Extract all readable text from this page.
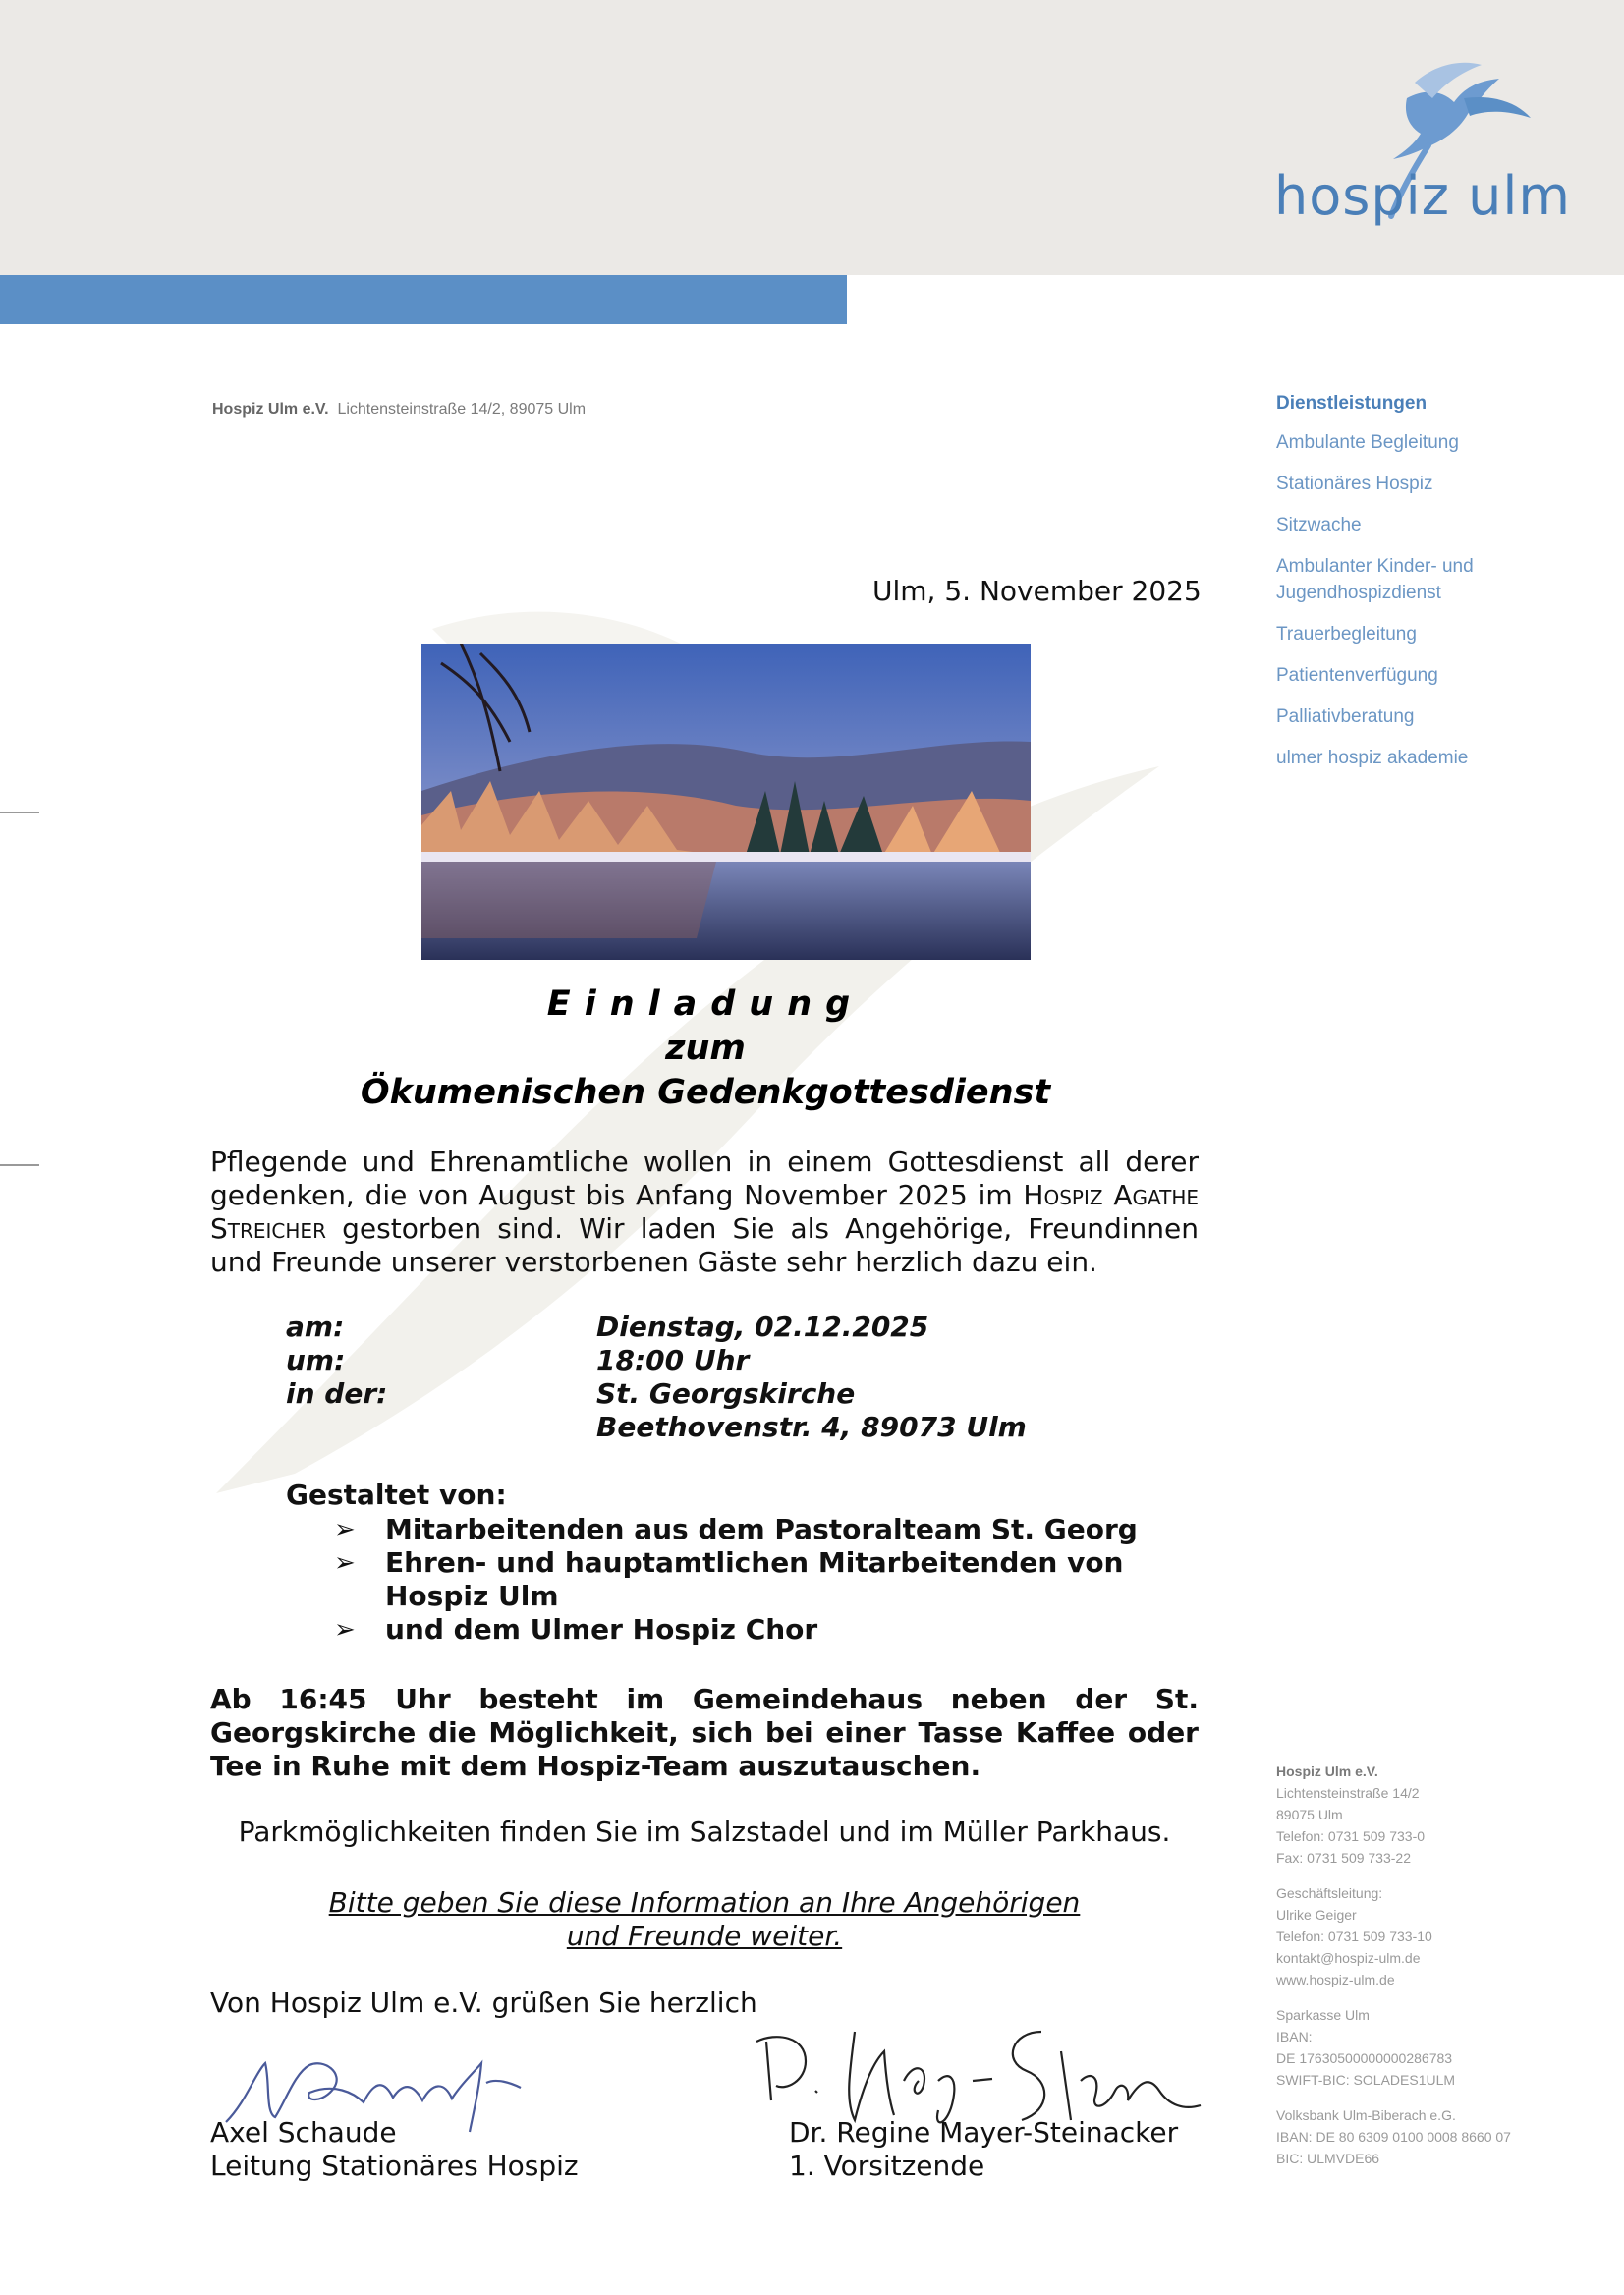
hospiz ulm
Hospiz Ulm e.V. Lichtensteinstraße 14/2, 89075 Ulm	Dienstleistungen
Ambulante Begleitung
Stationäres Hospiz
Sitzwache
Ambulanter Kinder- und Jugendhospizdienst
Trauerbegleitung
Patientenverfügung
Palliativberatung
ulmer hospiz akademie
Ulm, 5. November 2025
Einladung
zum
Ökumenischen Gedenkgottesdienst
Pflegende und Ehrenamtliche wollen in einem Gottesdienst all derer gedenken, die von August bis Anfang November 2025 im Hospiz Agathe Streicher gestorben sind. Wir laden Sie als Angehörige, Freundinnen und Freunde unserer verstorbenen Gäste sehr herzlich dazu ein.
am:	Dienstag, 02.12.2025
um:	18:00 Uhr
in der:	St. Georgskirche
Beethovenstr. 4, 89073 Ulm
Gestaltet von:
➢	Mitarbeitenden aus dem Pastoralteam St. Georg
➢	Ehren- und hauptamtlichen Mitarbeitenden von Hospiz Ulm
➢	und dem Ulmer Hospiz Chor
Ab 16:45 Uhr besteht im Gemeindehaus neben der St. Georgskirche die Möglichkeit, sich bei einer Tasse Kaffee oder Tee in Ruhe mit dem Hospiz-Team auszutauschen.
Parkmöglichkeiten finden Sie im Salzstadel und im Müller Parkhaus.
Bitte geben Sie diese Information an Ihre Angehörigen
und Freunde weiter.
Von Hospiz Ulm e.V. grüßen Sie herzlich
Axel Schaude
Leitung Stationäres Hospiz
Dr. Regine Mayer-Steinacker
1. Vorsitzende
Hospiz Ulm e.V.
Lichtensteinstraße 14/2
89075 Ulm
Telefon: 0731 509 733-0
Fax: 0731 509 733-22
Geschäftsleitung:
Ulrike Geiger
Telefon: 0731 509 733-10
kontakt@hospiz-ulm.de
www.hospiz-ulm.de
Sparkasse Ulm
IBAN:
DE 17630500000000286783
SWIFT-BIC: SOLADES1ULM
Volksbank Ulm-Biberach e.G.
IBAN: DE 80 6309 0100 0008 8660 07
BIC: ULMVDE66
